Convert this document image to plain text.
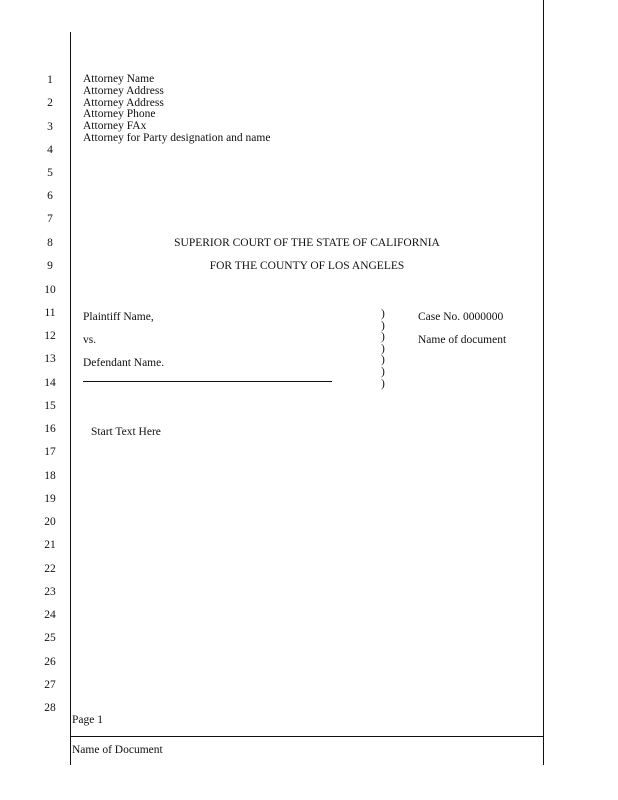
1
2
3
4
5
6
7
8
9
10
11
12
13
14
15
16
17
18
19
20
21
22
23
24
25
26
27
28
Attorney Name
Attorney Address
Attorney Address
Attorney Phone
Attorney FAx
Attorney for Party designation and name
SUPERIOR COURT OF THE STATE OF CALIFORNIA
FOR THE COUNTY OF LOS ANGELES
Plaintiff Name,
vs.
Defendant Name.
)
)
)
)
)
)
)
Case No. 0000000
Name of document
Start Text Here
Page 1
Name of Document
